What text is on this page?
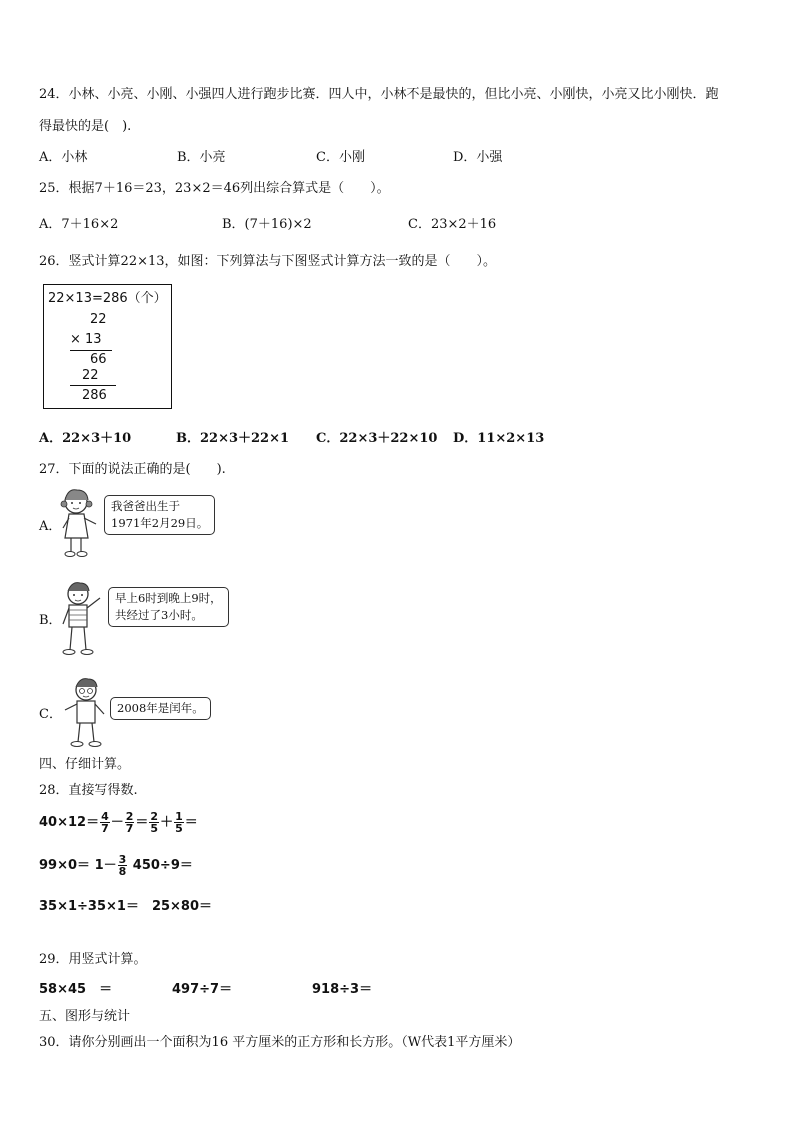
24．小林、小亮、小刚、小强四人进行跑步比赛．四人中，小林不是最快的，但比小亮、小刚快，小亮又比小刚快．跑
得最快的是(　).
A．小林	B．小亮	C．小刚	D．小强
25．根据7＋16＝23，23×2＝46列出综合算式是（　　）。
A．7＋16×2	B．(7＋16)×2	C．23×2＋16
26．竖式计算22×13，如图：下列算法与下图竖式计算方法一致的是（　　）。
22×13=286（个）
22
× 13
66
22
286
A．22×3＋10	B．22×3＋22×1 C．22×3＋22×10 D．11×2×13
27．下面的说法正确的是(　　).
A．
我爸爸出生于
1971年2月29日。
B．
早上6时到晚上9时，
共经过了3小时。
C．	2008年是闰年。
四、仔细计算。
28．直接写得数.
$40\times 12= \frac{4}{7} - \frac{2}{7} = \frac{2}{5} + \frac{1}{5}$ ＝
$99\times 0= 1- \frac{3}{8} 450\div 9=$
35×1÷35×1＝　25×80＝
29．用竖式计算。
58×45　＝	497÷7＝	918÷3＝
五、图形与统计
30．请你分别画出一个面积为16 平方厘米的正方形和长方形。（W代表1平方厘米）
